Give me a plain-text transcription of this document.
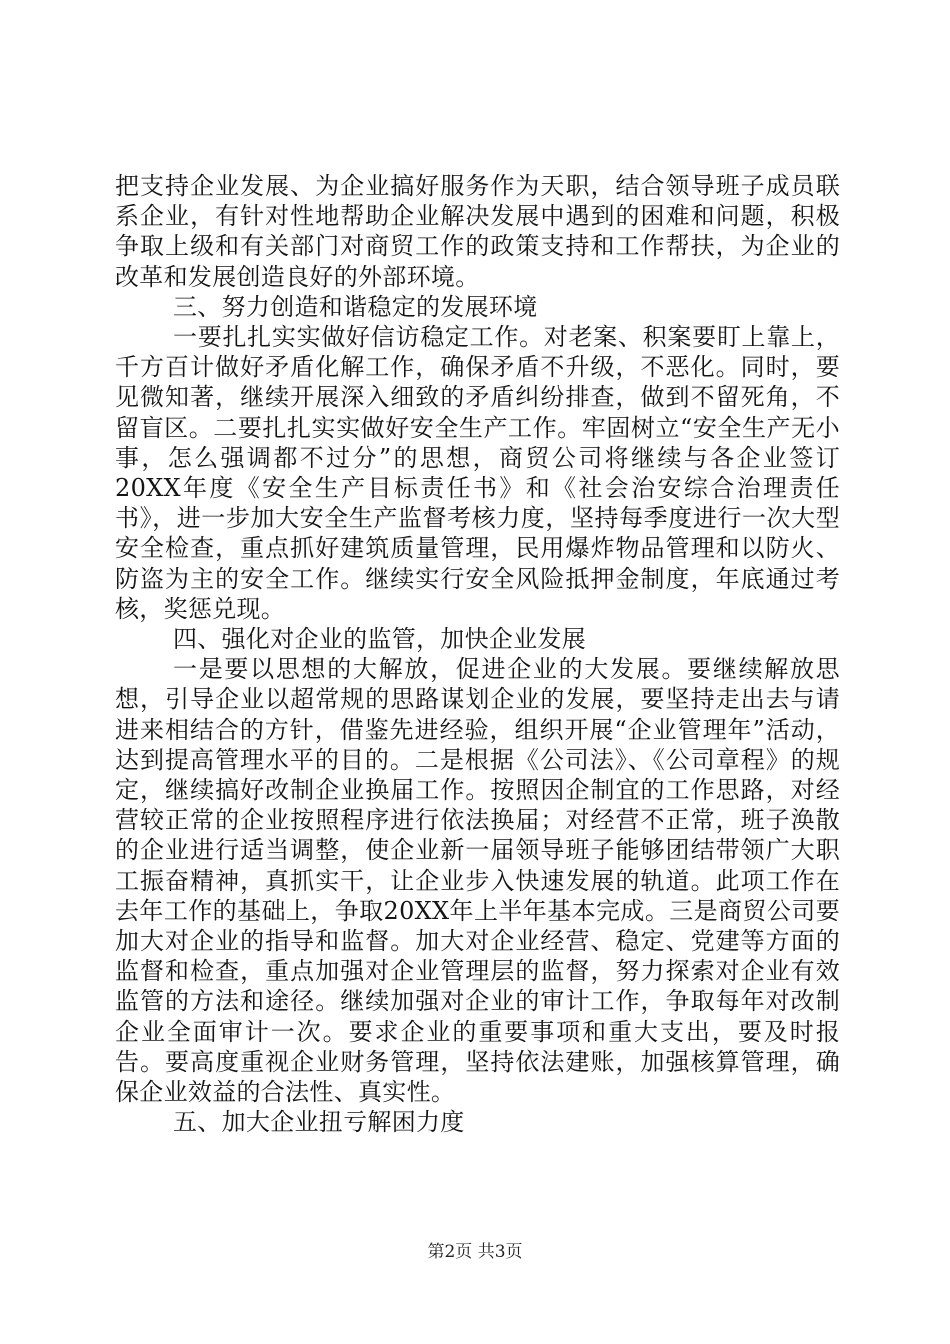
把支持企业发展、为企业搞好服务作为天职，结合领导班子成员联系企业，有针对性地帮助企业解决发展中遇到的困难和问题，积极争取上级和有关部门对商贸工作的政策支持和工作帮扶，为企业的改革和发展创造良好的外部环境。

三、努力创造和谐稳定的发展环境

一要扎扎实实做好信访稳定工作。对老案、积案要盯上靠上，千方百计做好矛盾化解工作，确保矛盾不升级，不恶化。同时，要见微知著，继续开展深入细致的矛盾纠纷排查，做到不留死角，不留盲区。二要扎扎实实做好安全生产工作。牢固树立“安全生产无小事，怎么强调都不过分”的思想，商贸公司将继续与各企业签订20XX年度《安全生产目标责任书》和《社会治安综合治理责任书》，进一步加大安全生产监督考核力度，坚持每季度进行一次大型安全检查，重点抓好建筑质量管理，民用爆炸物品管理和以防火、防盗为主的安全工作。继续实行安全风险抵押金制度，年底通过考核，奖惩兑现。

四、强化对企业的监管，加快企业发展

一是要以思想的大解放，促进企业的大发展。要继续解放思想，引导企业以超常规的思路谋划企业的发展，要坚持走出去与请进来相结合的方针，借鉴先进经验，组织开展“企业管理年”活动，达到提高管理水平的目的。二是根据《公司法》、《公司章程》的规定，继续搞好改制企业换届工作。按照因企制宜的工作思路，对经营较正常的企业按照程序进行依法换届；对经营不正常，班子涣散的企业进行适当调整，使企业新一届领导班子能够团结带领广大职工振奋精神，真抓实干，让企业步入快速发展的轨道。此项工作在去年工作的基础上，争取20XX年上半年基本完成。三是商贸公司要加大对企业的指导和监督。加大对企业经营、稳定、党建等方面的监督和检查，重点加强对企业管理层的监督，努力探索对企业有效监管的方法和途径。继续加强对企业的审计工作，争取每年对改制企业全面审计一次。要求企业的重要事项和重大支出，要及时报告。要高度重视企业财务管理，坚持依法建账，加强核算管理，确保企业效益的合法性、真实性。

五、加大企业扭亏解困力度

第2页 共3页
